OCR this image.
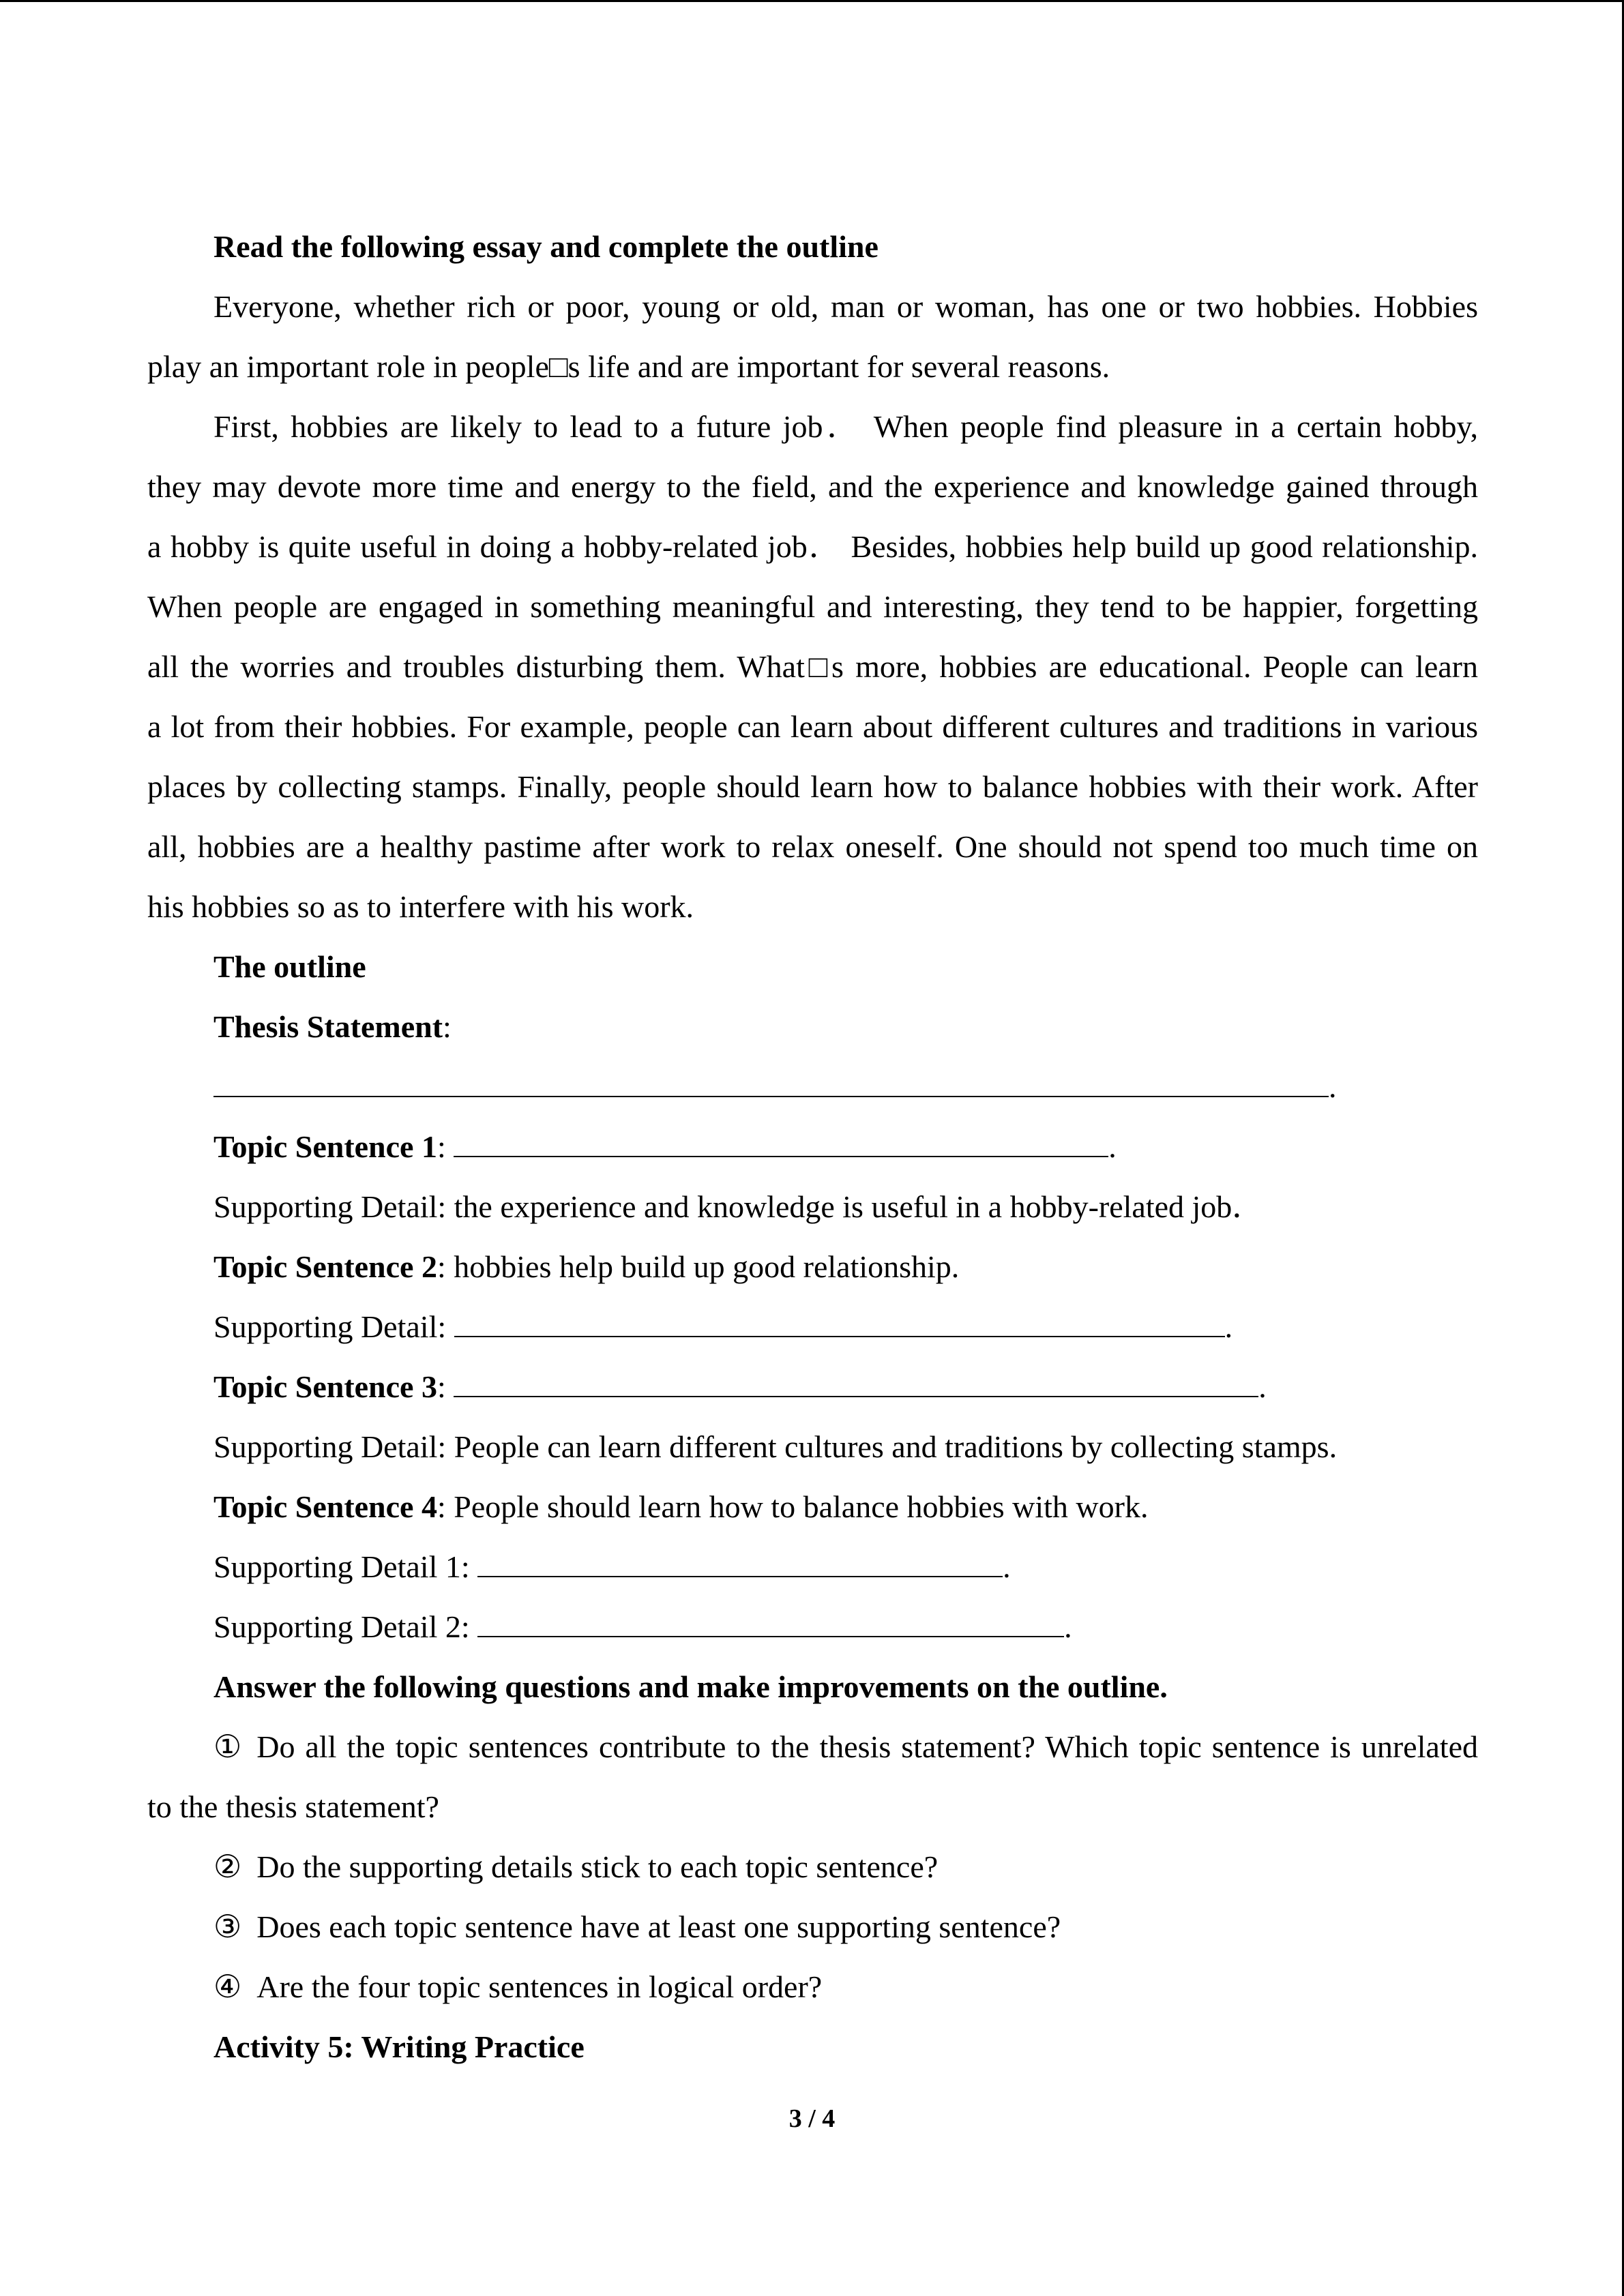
Read the following essay and complete the outline
Everyone, whether rich or poor, young or old, man or woman, has one or two hobbies. Hobbies
play an important role in people□s life and are important for several reasons.
First, hobbies are likely to lead to a future job． When people find pleasure in a certain hobby,
they may devote more time and energy to the field, and the experience and knowledge gained through
a hobby is quite useful in doing a hobby-related job． Besides, hobbies help build up good relationship.
When people are engaged in something meaningful and interesting, they tend to be happier, forgetting
all the worries and troubles disturbing them. What□s more, hobbies are educational. People can learn
a lot from their hobbies. For example, people can learn about different cultures and traditions in various
places by collecting stamps. Finally, people should learn how to balance hobbies with their work. After
all, hobbies are a healthy pastime after work to relax oneself. One should not spend too much time on
his hobbies so as to interfere with his work.
The outline
Thesis Statement:
.
Topic Sentence 1:	.
Supporting Detail: the experience and knowledge is useful in a hobby-related job．
Topic Sentence 2: hobbies help build up good relationship.
Supporting Detail:	.
Topic Sentence 3:	.
Supporting Detail: People can learn different cultures and traditions by collecting stamps.
Topic Sentence 4: People should learn how to balance hobbies with work.
Supporting Detail 1:	.
Supporting Detail 2:	.
Answer the following questions and make improvements on the outline.
① Do all the topic sentences contribute to the thesis statement? Which topic sentence is unrelated
to the thesis statement?
② Do the supporting details stick to each topic sentence?
③ Does each topic sentence have at least one supporting sentence?
④ Are the four topic sentences in logical order?
Activity 5: Writing Practice
3 / 4
